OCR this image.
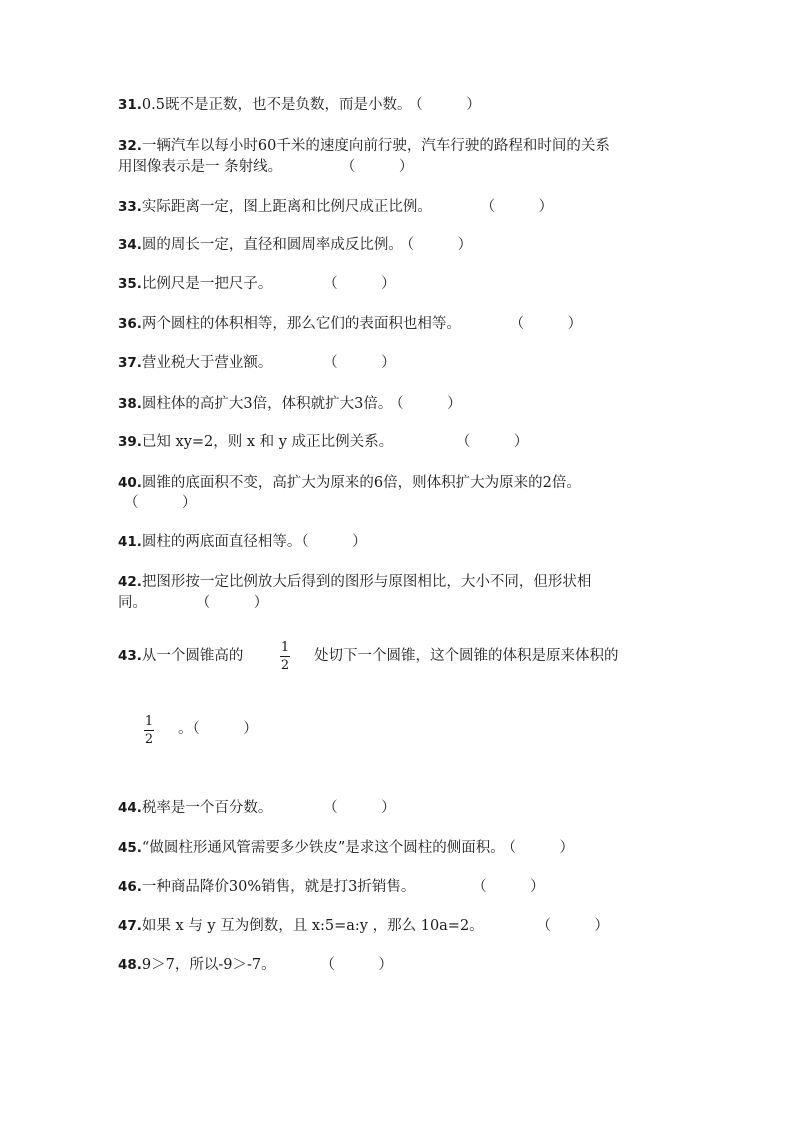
31.0.5既不是正数，也不是负数，而是小数。 （　　　）
32.一辆汽车以每小时60千米的速度向前行驶，汽车行驶的路程和时间的关系
用图像表示是一 条射线。	（　　　）
33.实际距离一定，图上距离和比例尺成正比例。	（　　　）
34.圆的周长一定，直径和圆周率成反比例。 （　　　）
35.比例尺是一把尺子。	（　　　）
36.两个圆柱的体积相等，那么它们的表面积也相等。	（　　　）
37.营业税大于营业额。	（　　　）
38.圆柱体的高扩大3倍，体积就扩大3倍。 （　　　）
39.已知 xy=2，则 x 和 y 成正比例关系。	（　　　）
40.圆锥的底面积不变，高扩大为原来的6倍，则体积扩大为原来的2倍。
（　　　）
41.圆柱的两底面直径相等。（　　　）
42.把图形按一定比例放大后得到的图形与原图相比，大小不同，但形状相
同。	（　　　）
43.从一个圆锥高的
1
2
处切下一个圆锥，这个圆锥的体积是原来体积的
1
2
。（　　　）
44.税率是一个百分数。	（　　　）
45.“做圆柱形通风管需要多少铁皮”是求这个圆柱的侧面积。 （　　　）
46.一种商品降价30%销售，就是打3折销售。	（　　　）
47.如果 x 与 y 互为倒数，且 x:5=a:y ，那么 10a=2。	（　　　）
48.9＞7，所以-9＞-7。	（　　　）
